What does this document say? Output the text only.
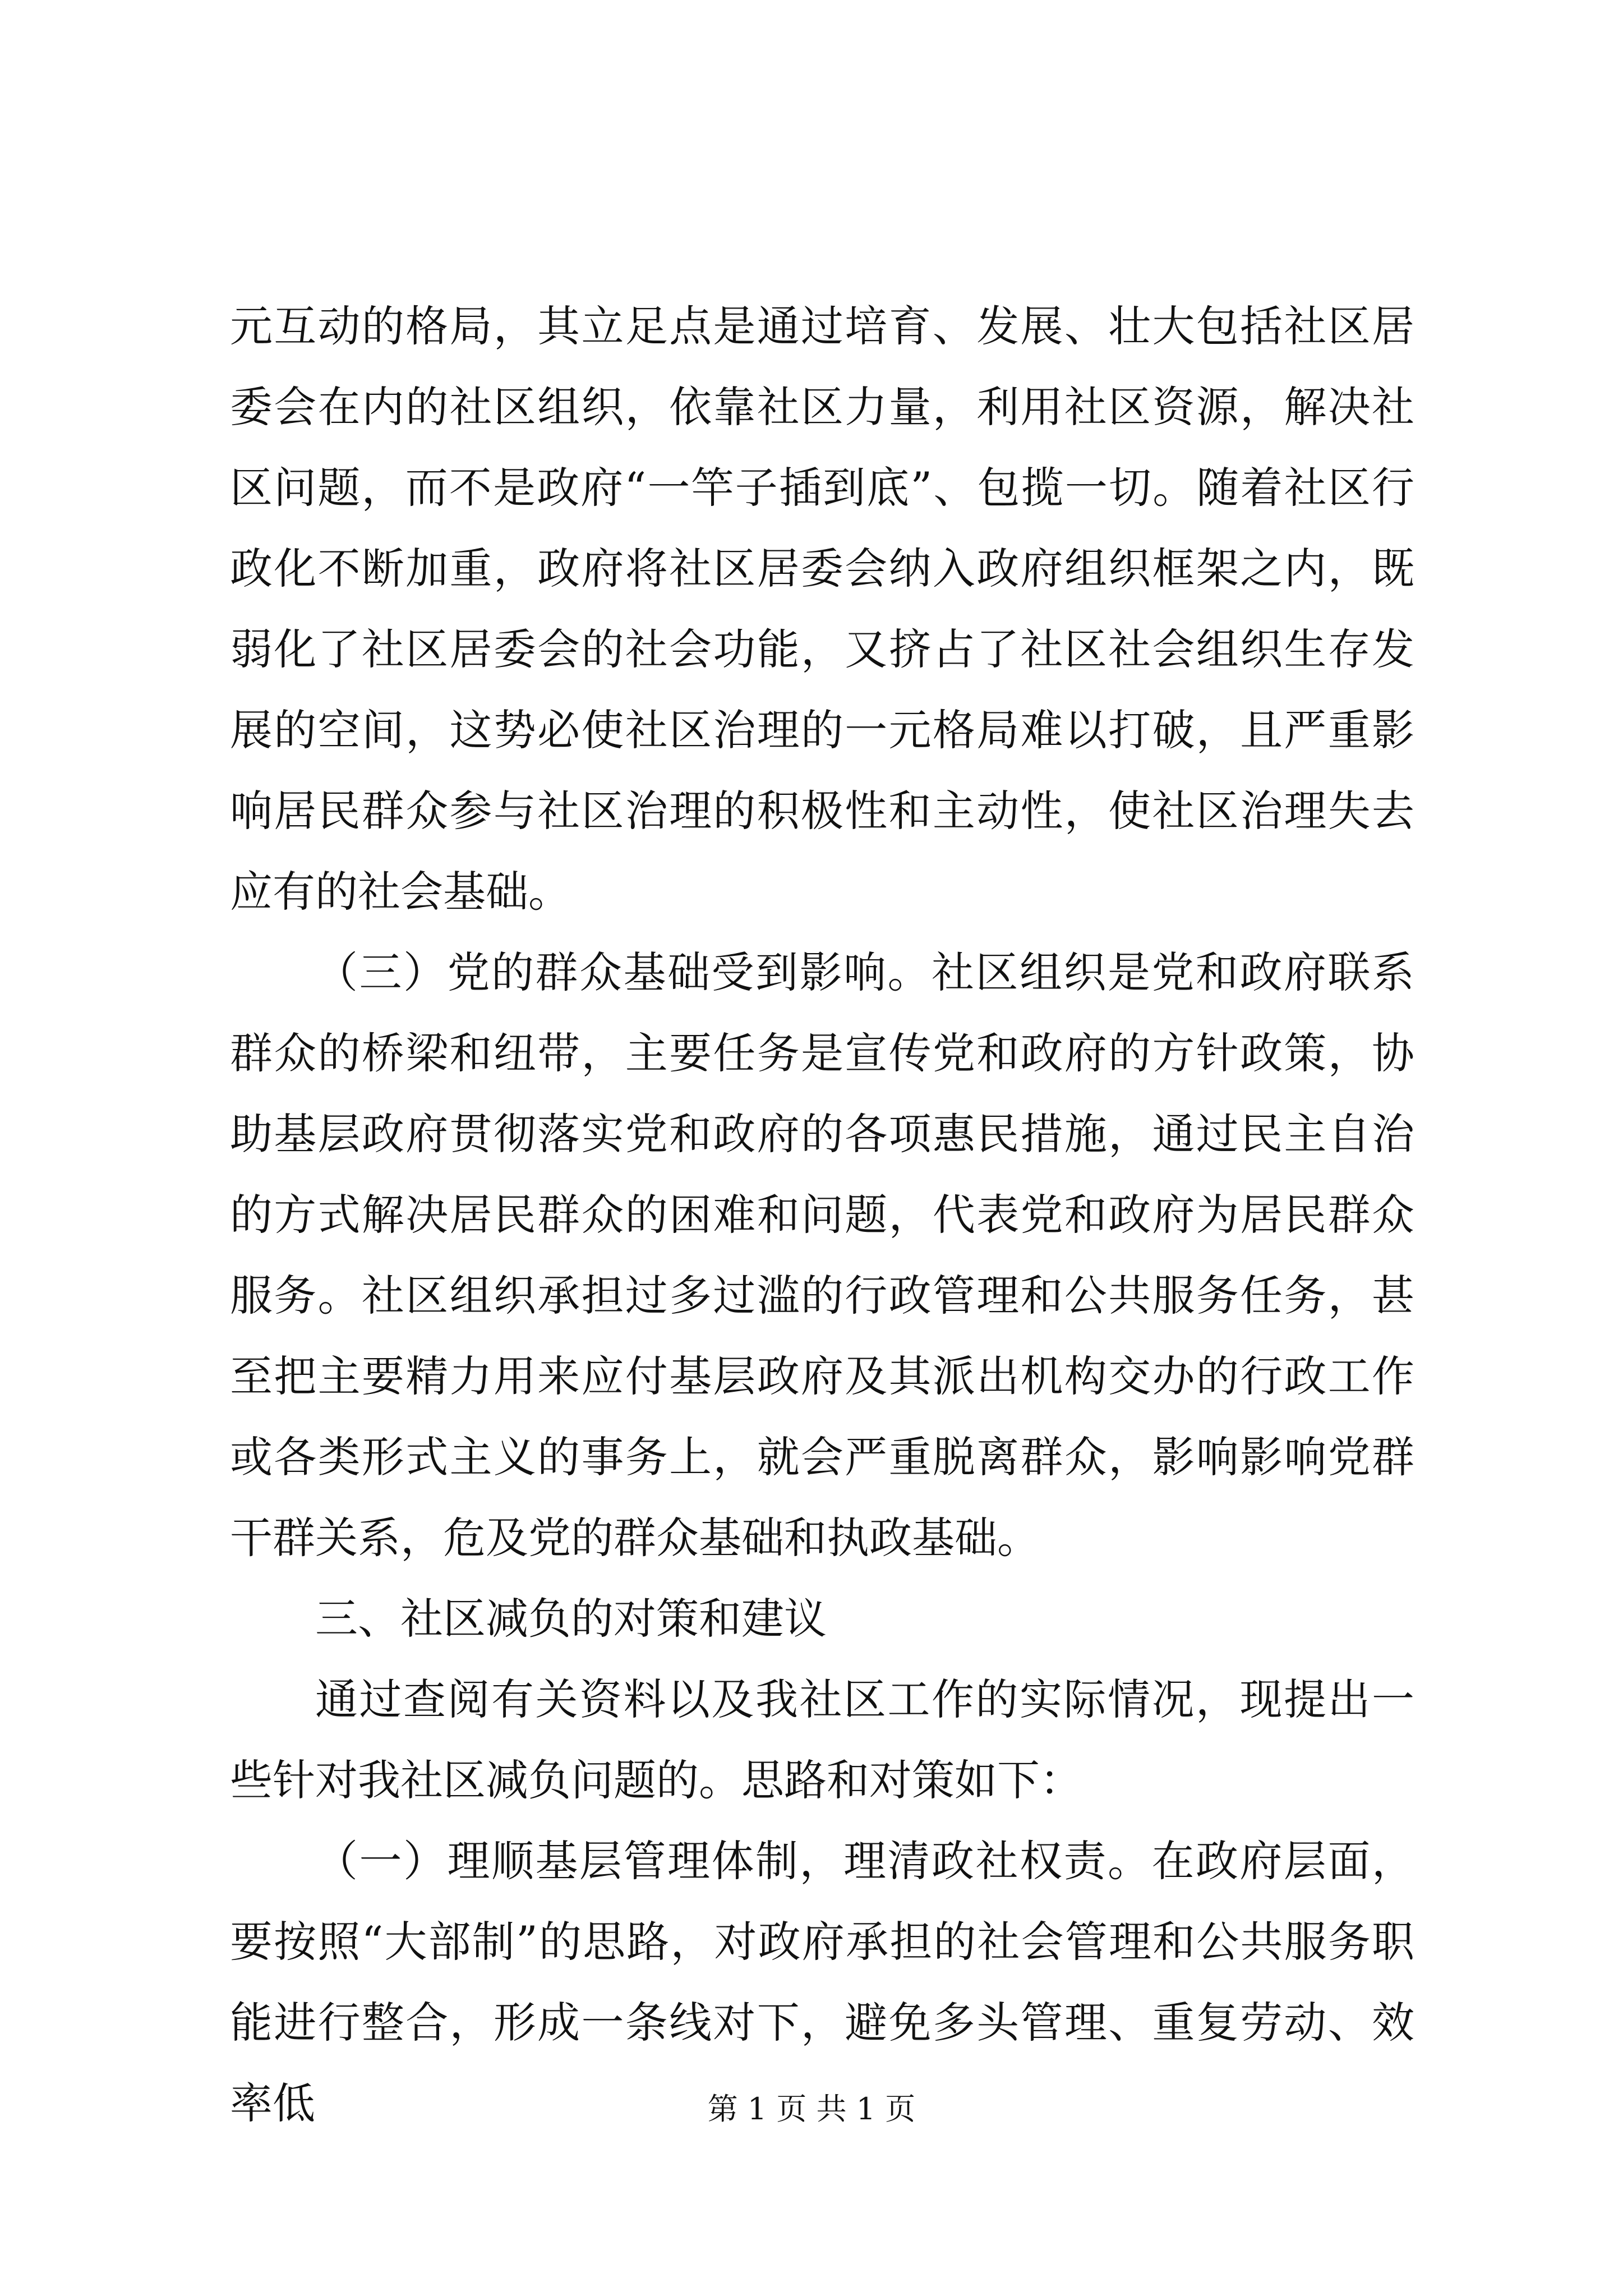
元互动的格局，其立足点是通过培育、发展、壮大包括社区居委会在内的社区组织，依靠社区力量，利用社区资源，解决社区问题，而不是政府“一竿子插到底”、包揽一切。随着社区行政化不断加重，政府将社区居委会纳入政府组织框架之内，既弱化了社区居委会的社会功能，又挤占了社区社会组织生存发展的空间，这势必使社区治理的一元格局难以打破，且严重影响居民群众参与社区治理的积极性和主动性，使社区治理失去应有的社会基础。

（三）党的群众基础受到影响。社区组织是党和政府联系群众的桥梁和纽带，主要任务是宣传党和政府的方针政策，协助基层政府贯彻落实党和政府的各项惠民措施，通过民主自治的方式解决居民群众的困难和问题，代表党和政府为居民群众服务。社区组织承担过多过滥的行政管理和公共服务任务，甚至把主要精力用来应付基层政府及其派出机构交办的行政工作或各类形式主义的事务上，就会严重脱离群众，影响影响党群干群关系，危及党的群众基础和执政基础。

三、社区减负的对策和建议

通过查阅有关资料以及我社区工作的实际情况，现提出一些针对我社区减负问题的。思路和对策如下：

（一）理顺基层管理体制，理清政社权责。在政府层面，要按照“大部制”的思路，对政府承担的社会管理和公共服务职能进行整合，形成一条线对下，避免多头管理、重复劳动、效率低	第 1 页 共 1 页
